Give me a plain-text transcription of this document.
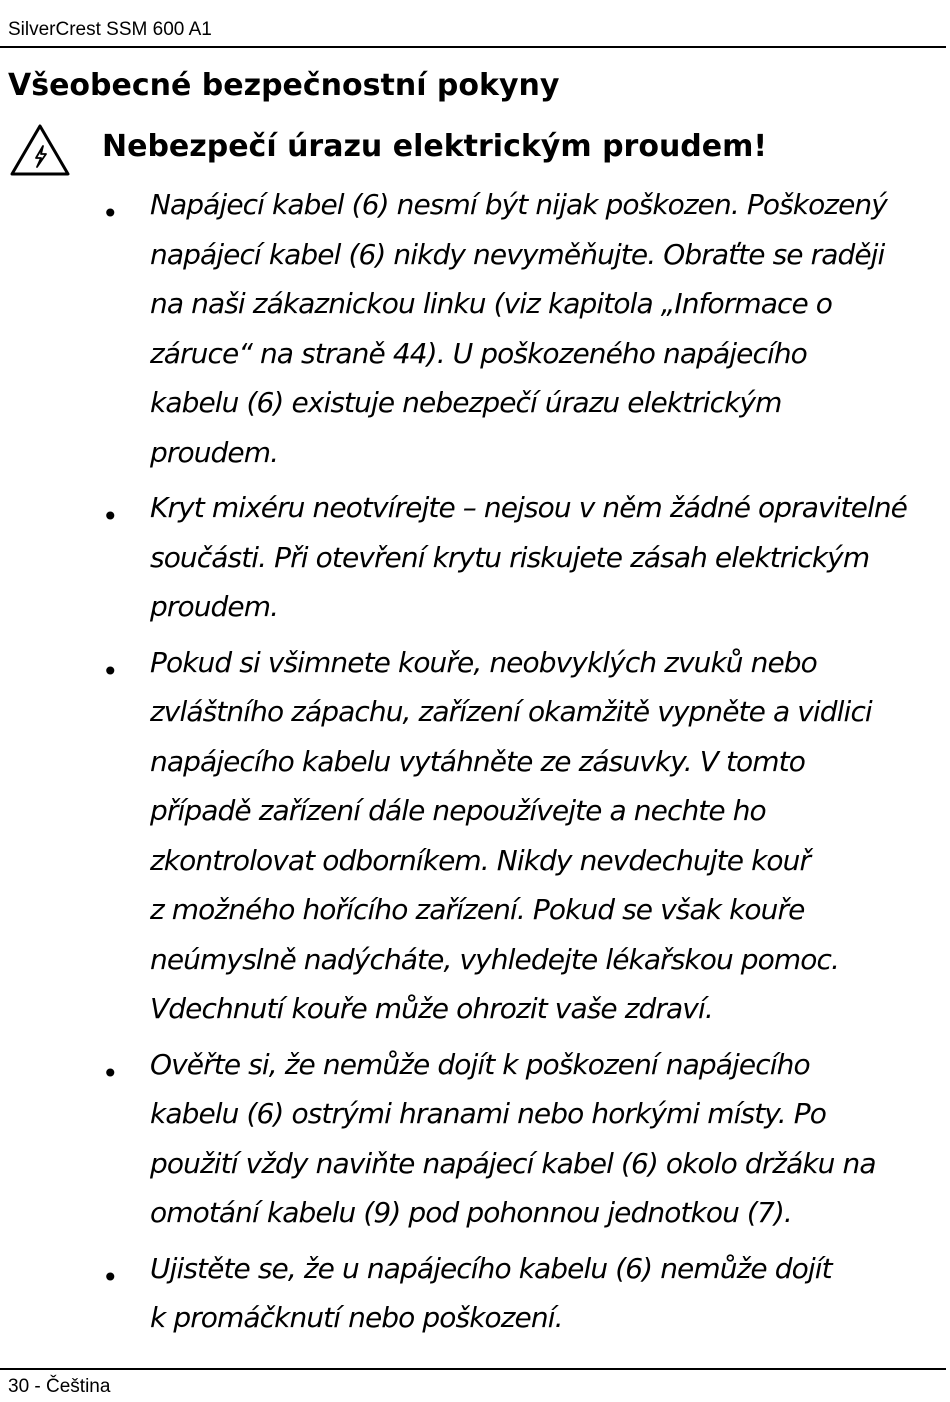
SilverCrest SSM 600 A1
Všeobecné bezpečnostní pokyny
Nebezpečí úrazu elektrickým proudem!
• Napájecí kabel (6) nesmí být nijak poškozen. Poškozený
napájecí kabel (6) nikdy nevyměňujte. Obraťte se raději
na naši zákaznickou linku (viz kapitola „Informace o
záruce“ na straně 44). U poškozeného napájecího
kabelu (6) existuje nebezpečí úrazu elektrickým
proudem.
• Kryt mixéru neotvírejte – nejsou v něm žádné opravitelné
součásti. Při otevření krytu riskujete zásah elektrickým
proudem.
• Pokud si všimnete kouře, neobvyklých zvuků nebo
zvláštního zápachu, zařízení okamžitě vypněte a vidlici
napájecího kabelu vytáhněte ze zásuvky. V tomto
případě zařízení dále nepoužívejte a nechte ho
zkontrolovat odborníkem. Nikdy nevdechujte kouř
z možného hořícího zařízení. Pokud se však kouře
neúmyslně nadýcháte, vyhledejte lékařskou pomoc.
Vdechnutí kouře může ohrozit vaše zdraví.
• Ověřte si, že nemůže dojít k poškození napájecího
kabelu (6) ostrými hranami nebo horkými místy. Po
použití vždy naviňte napájecí kabel (6) okolo držáku na
omotání kabelu (9) pod pohonnou jednotkou (7).
• Ujistěte se, že u napájecího kabelu (6) nemůže dojít
k promáčknutí nebo poškození.
30 - Čeština
